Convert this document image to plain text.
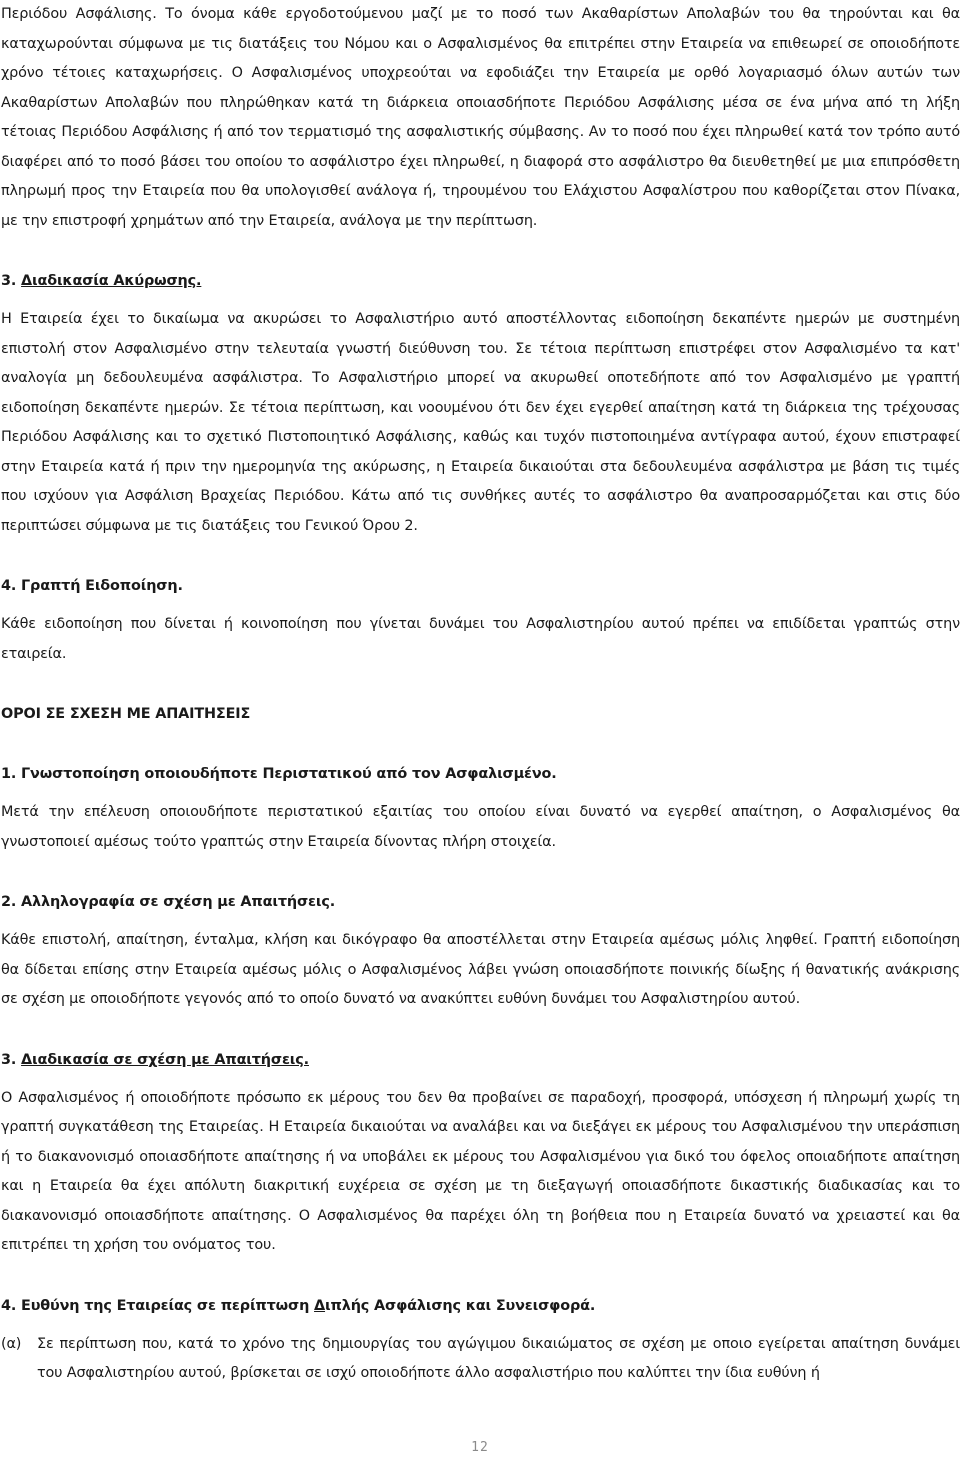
Περιόδου Ασφάλισης. Το όνομα κάθε εργοδοτούμενου μαζί με το ποσό των Ακαθαρίστων Απολαβών του θα τηρούνται και θα καταχωρούνται σύμφωνα με τις διατάξεις του Νόμου και ο Ασφαλισμένος θα επιτρέπει στην Εταιρεία να επιθεωρεί σε οποιοδήποτε χρόνο τέτοιες καταχωρήσεις. Ο Ασφαλισμένος υποχρεούται να εφοδιάζει την Εταιρεία με ορθό λογαριασμό όλων αυτών των Ακαθαρίστων Απολαβών που πληρώθηκαν κατά τη διάρκεια οποιασδήποτε Περιόδου Ασφάλισης μέσα σε ένα μήνα από τη λήξη τέτοιας Περιόδου Ασφάλισης ή από τον τερματισμό της ασφαλιστικής σύμβασης. Αν το ποσό που έχει πληρωθεί κατά τον τρόπο αυτό διαφέρει από το ποσό βάσει του οποίου το ασφάλιστρο έχει πληρωθεί, η διαφορά στο ασφάλιστρο θα διευθετηθεί με μια επιπρόσθετη πληρωμή προς την Εταιρεία που θα υπολογισθεί ανάλογα ή, τηρουμένου του Ελάχιστου Ασφαλίστρου που καθορίζεται στον Πίνακα, με την επιστροφή χρημάτων από την Εταιρεία, ανάλογα με την περίπτωση.

3. Διαδικασία Ακύρωσης.

Η Εταιρεία έχει το δικαίωμα να ακυρώσει το Ασφαλιστήριο αυτό αποστέλλοντας ειδοποίηση δεκαπέντε ημερών με συστημένη επιστολή στον Ασφαλισμένο στην τελευταία γνωστή διεύθυνση του. Σε τέτοια περίπτωση επιστρέφει στον Ασφαλισμένο τα κατ' αναλογία μη δεδουλευμένα ασφάλιστρα. Το Ασφαλιστήριο μπορεί να ακυρωθεί οποτεδήποτε από τον Ασφαλισμένο με γραπτή ειδοποίηση δεκαπέντε ημερών. Σε τέτοια περίπτωση, και νοουμένου ότι δεν έχει εγερθεί απαίτηση κατά τη διάρκεια της τρέχουσας Περιόδου Ασφάλισης και το σχετικό Πιστοποιητικό Ασφάλισης, καθώς και τυχόν πιστοποιημένα αντίγραφα αυτού, έχουν επιστραφεί στην Εταιρεία κατά ή πριν την ημερομηνία της ακύρωσης, η Εταιρεία δικαιούται στα δεδουλευμένα ασφάλιστρα με βάση τις τιμές που ισχύουν για Ασφάλιση Βραχείας Περιόδου. Κάτω από τις συνθήκες αυτές το ασφάλιστρο θα αναπροσαρμόζεται και στις δύο περιπτώσει σύμφωνα με τις διατάξεις του Γενικού Όρου 2.

4. Γραπτή Ειδοποίηση.

Κάθε ειδοποίηση που δίνεται ή κοινοποίηση που γίνεται δυνάμει του Ασφαλιστηρίου αυτού πρέπει να επιδίδεται γραπτώς στην εταιρεία.

ΟΡΟΙ ΣΕ ΣΧΕΣΗ ΜΕ ΑΠΑΙΤΗΣΕΙΣ

1. Γνωστοποίηση οποιουδήποτε Περιστατικού από τον Ασφαλισμένο.

Μετά την επέλευση οποιουδήποτε περιστατικού εξαιτίας του οποίου είναι δυνατό να εγερθεί απαίτηση, ο Ασφαλισμένος θα γνωστοποιεί αμέσως τούτο γραπτώς στην Εταιρεία δίνοντας πλήρη στοιχεία.

2. Αλληλογραφία σε σχέση με Απαιτήσεις.

Κάθε επιστολή, απαίτηση, ένταλμα, κλήση και δικόγραφο θα αποστέλλεται στην Εταιρεία αμέσως μόλις ληφθεί. Γραπτή ειδοποίηση θα δίδεται επίσης στην Εταιρεία αμέσως μόλις ο Ασφαλισμένος λάβει γνώση οποιασδήποτε ποινικής δίωξης ή θανατικής ανάκρισης σε σχέση με οποιοδήποτε γεγονός από το οποίο δυνατό να ανακύπτει ευθύνη δυνάμει του Ασφαλιστηρίου αυτού.

3. Διαδικασία σε σχέση με Απαιτήσεις.

Ο Ασφαλισμένος ή οποιοδήποτε πρόσωπο εκ μέρους του δεν θα προβαίνει σε παραδοχή, προσφορά, υπόσχεση ή πληρωμή χωρίς τη γραπτή συγκατάθεση της Εταιρείας. Η Εταιρεία δικαιούται να αναλάβει και να διεξάγει εκ μέρους του Ασφαλισμένου την υπεράσπιση ή το διακανονισμό οποιασδήποτε απαίτησης ή να υποβάλει εκ μέρους του Ασφαλισμένου για δικό του όφελος οποιαδήποτε απαίτηση και η Εταιρεία θα έχει απόλυτη διακριτική ευχέρεια σε σχέση με τη διεξαγωγή οποιασδήποτε δικαστικής διαδικασίας και το διακανονισμό οποιασδήποτε απαίτησης. Ο Ασφαλισμένος θα παρέχει όλη τη βοήθεια που η Εταιρεία δυνατό να χρειαστεί και θα επιτρέπει τη χρήση του ονόματος του.

4. Ευθύνη της Εταιρείας σε περίπτωση Διπλής Ασφάλισης και Συνεισφορά.

(α)	Σε περίπτωση που, κατά το χρόνο της δημιουργίας του αγώγιμου δικαιώματος σε σχέση με οποιο εγείρεται απαίτηση δυνάμει του Ασφαλιστηρίου αυτού, βρίσκεται σε ισχύ οποιοδήποτε άλλο ασφαλιστήριο που καλύπτει την ίδια ευθύνη ή
12
